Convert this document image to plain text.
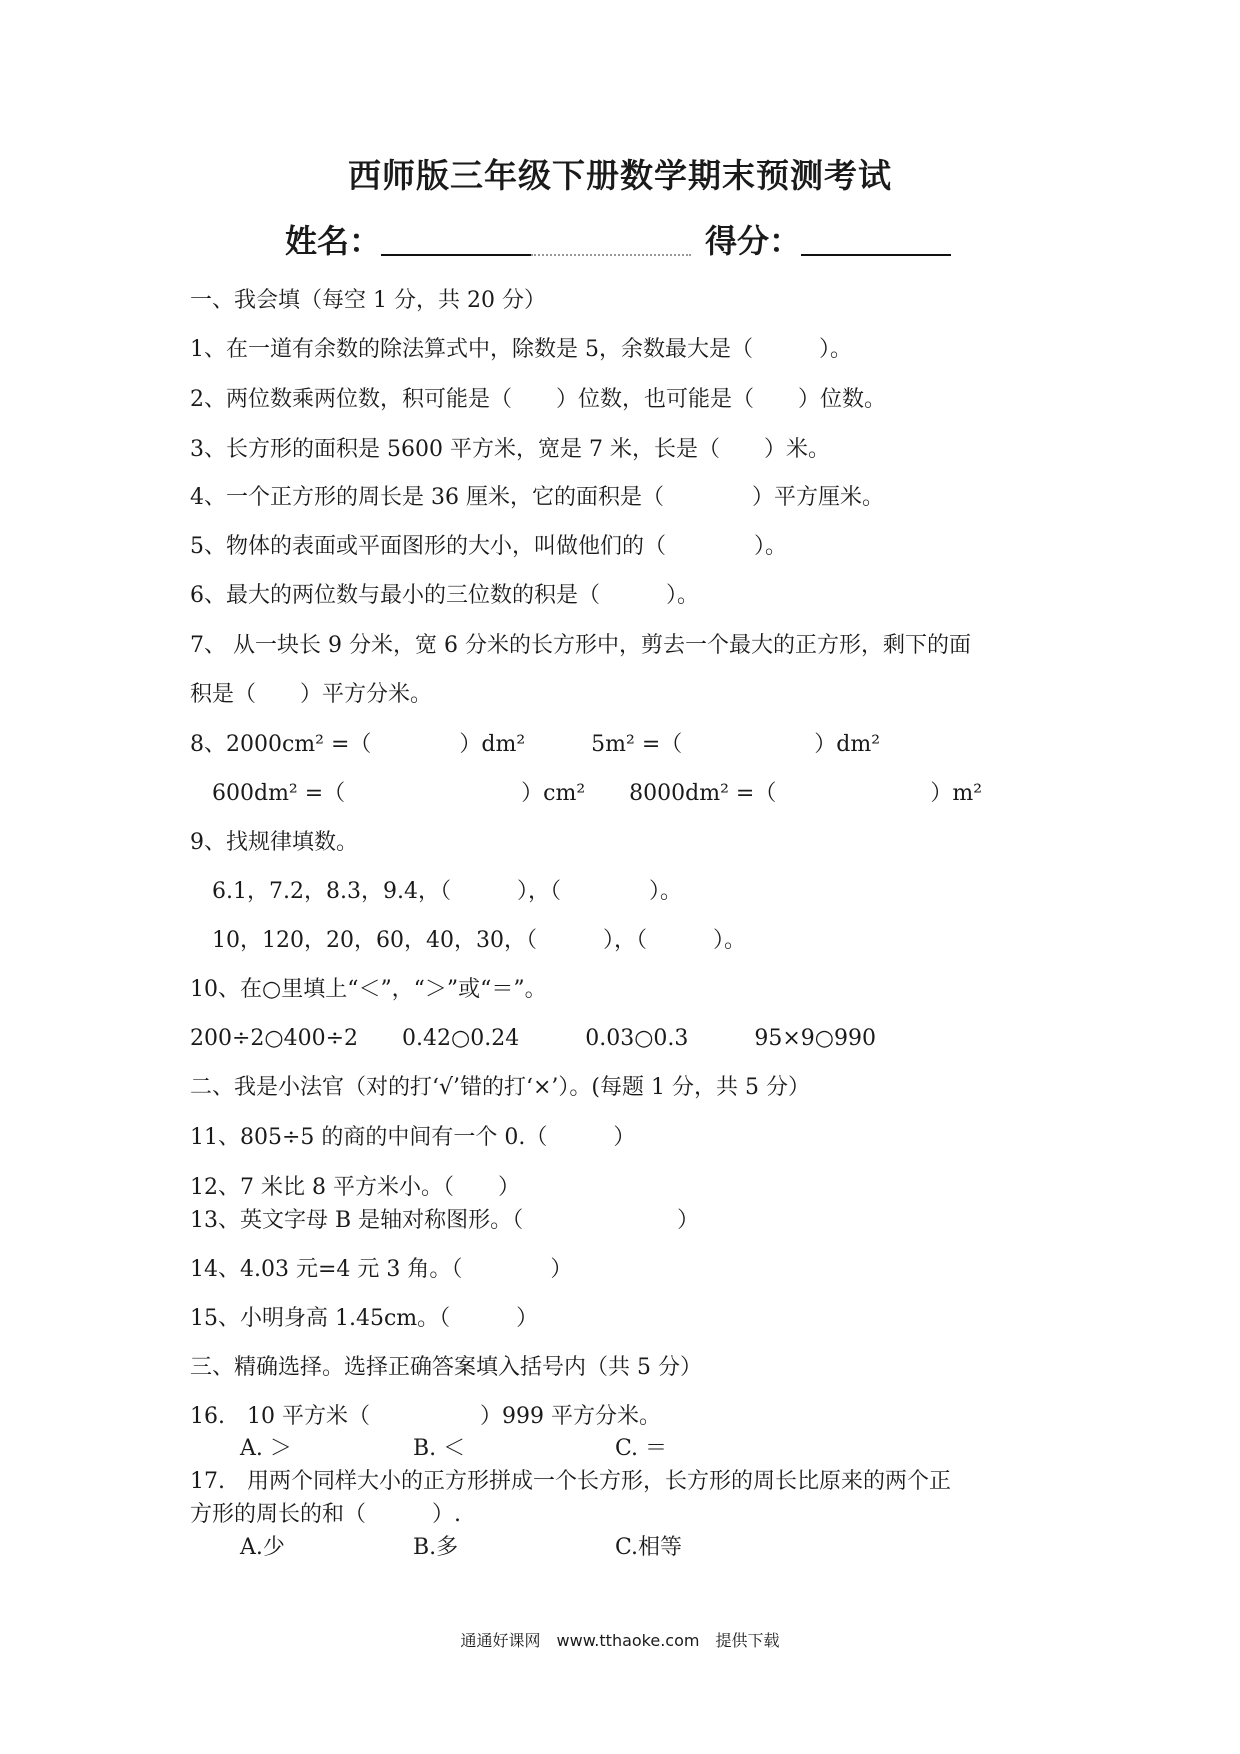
西师版三年级下册数学期末预测考试
姓名：	得分：
一、我会填（每空 1 分，共 20 分）
1、在一道有余数的除法算式中，除数是 5，余数最大是（　　　）。
2、两位数乘两位数，积可能是（　　）位数，也可能是（　　）位数。
3、长方形的面积是 5600 平方米，宽是 7 米，长是（　　）米。
4、一个正方形的周长是 36 厘米，它的面积是（　　　　）平方厘米。
5、物体的表面或平面图形的大小，叫做他们的（　　　　）。
6、最大的两位数与最小的三位数的积是（　　　）。
7、 从一块长 9 分米，宽 6 分米的长方形中，剪去一个最大的正方形，剩下的面
积是（　　）平方分米。
8、2000cm² =（　　　　）dm²　　　5m² =（　　　　　　）dm²
　600dm² =（　　　　　　　　）cm²　　8000dm² =（　　　　　　　）m²
9、找规律填数。
　6.1，7.2，8.3，9.4，（　　　），（　　　　）。
　10，120，20，60，40，30，（　　　），（　　　）。
10、在○里填上“＜”，“＞”或“＝”。
200÷2○400÷2　　0.42○0.24　　　0.03○0.3　　　95×9○990
二、我是小法官（对的打‘√’错的打‘×’）。(每题 1 分，共 5 分）
11、805÷5 的商的中间有一个 0.（　　　）
12、7 米比 8 平方米小。（　　）
13、英文字母 B 是轴对称图形。（　　　　　　　）
14、4.03 元=4 元 3 角。（　　　　）
15、小明身高 1.45cm。（　　　）
三、精确选择。选择正确答案填入括号内（共 5 分）
16.　10 平方米（　　　　　）999 平方分米。
A. ＞	B. ＜	C. ＝
17.　用两个同样大小的正方形拼成一个长方形，长方形的周长比原来的两个正
方形的周长的和（　　　）.
A.少	B.多	C.相等
通通好课网　www.tthaoke.com　提供下载
